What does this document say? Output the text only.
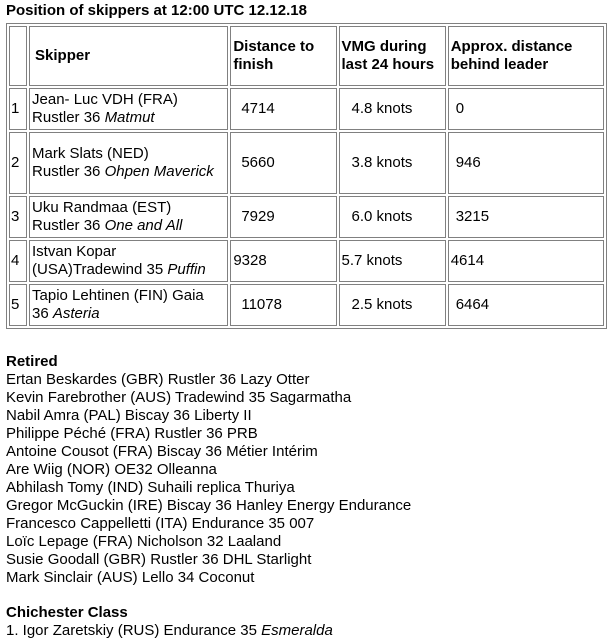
Position of skippers at 12:00 UTC 12.12.18
	Skipper	Distance to finish	VMG during last 24 hours	Approx. distance behind leader
1	Jean- Luc VDH (FRA)
Rustler 36 Matmut	4714	4.8 knots	0
2	Mark Slats (NED)
Rustler 36 Ohpen Maverick	5660	3.8 knots	946
3	Uku Randmaa (EST)
Rustler 36 One and All	7929	6.0 knots	3215
4	Istvan Kopar
(USA)Tradewind 35 Puffin	9328	5.7 knots	4614
5	Tapio Lehtinen (FIN) Gaia
36 Asteria	11078	2.5 knots	6464
Retired
Ertan Beskardes (GBR) Rustler 36 Lazy Otter
Kevin Farebrother (AUS) Tradewind 35 Sagarmatha
Nabil Amra (PAL) Biscay 36 Liberty II
Philippe Péché (FRA) Rustler 36 PRB
Antoine Cousot (FRA) Biscay 36 Métier Intérim
Are Wiig (NOR) OE32 Olleanna
Abhilash Tomy (IND) Suhaili replica Thuriya
Gregor McGuckin (IRE) Biscay 36 Hanley Energy Endurance
Francesco Cappelletti (ITA) Endurance 35 007
Loïc Lepage (FRA) Nicholson 32 Laaland
Susie Goodall (GBR) Rustler 36 DHL Starlight
Mark Sinclair (AUS) Lello 34 Coconut
Chichester Class
1. Igor Zaretskiy (RUS) Endurance 35 Esmeralda
